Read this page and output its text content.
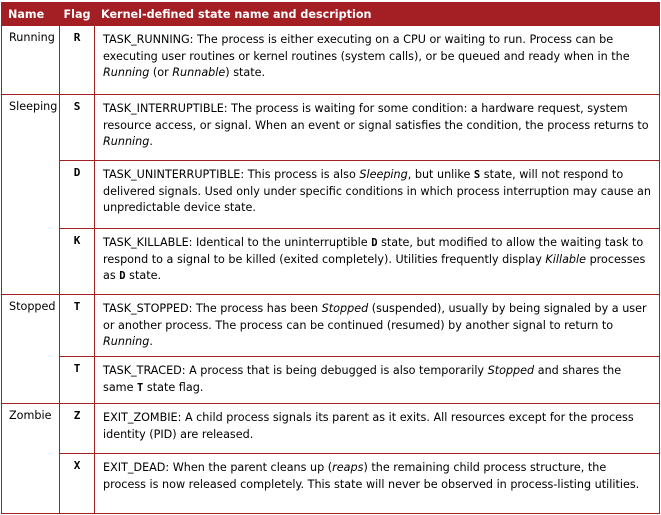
Name	Flag	Kernel-defined state name and description
Running	R	TASK_RUNNING: The process is either executing on a CPU or waiting to run. Process can be executing user routines or kernel routines (system calls), or be queued and ready when in the Running (or Runnable) state.
Sleeping	S	TASK_INTERRUPTIBLE: The process is waiting for some condition: a hardware request, system resource access, or signal. When an event or signal satisfies the condition, the process returns to Running.
	D	TASK_UNINTERRUPTIBLE: This process is also Sleeping, but unlike S state, will not respond to delivered signals. Used only under specific conditions in which process interruption may cause an unpredictable device state.
	K	TASK_KILLABLE: Identical to the uninterruptible D state, but modified to allow the waiting task to respond to a signal to be killed (exited completely). Utilities frequently display Killable processes as D state.
Stopped	T	TASK_STOPPED: The process has been Stopped (suspended), usually by being signaled by a user or another process. The process can be continued (resumed) by another signal to return to Running.
	T	TASK_TRACED: A process that is being debugged is also temporarily Stopped and shares the same T state flag.
Zombie	Z	EXIT_ZOMBIE: A child process signals its parent as it exits. All resources except for the process identity (PID) are released.
	X	EXIT_DEAD: When the parent cleans up (reaps) the remaining child process structure, the process is now released completely. This state will never be observed in process-listing utilities.
